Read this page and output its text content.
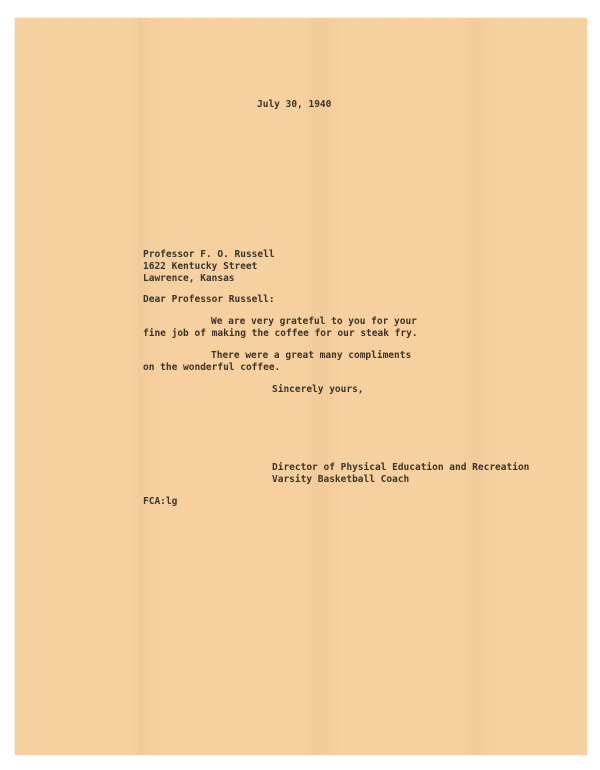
July 30, 1940
Professor F. O. Russell
1622 Kentucky Street
Lawrence, Kansas
Dear Professor Russell:
We are very grateful to you for your
fine job of making the coffee for our steak fry.
There were a great many compliments
on the wonderful coffee.
Sincerely yours,
Director of Physical Education and Recreation
Varsity Basketball Coach
FCA:lg
